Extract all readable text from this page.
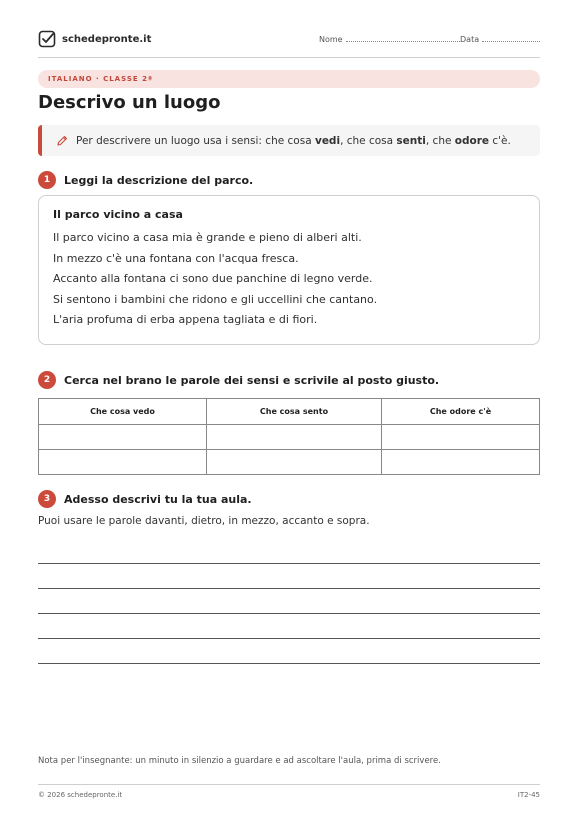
schedepronte.it	Nome	Data
ITALIANO · CLASSE 2ª
Descrivo un luogo
Per descrivere un luogo usa i sensi: che cosa vedi, che cosa senti, che odore c'è.
1	Leggi la descrizione del parco.
Il parco vicino a casa
Il parco vicino a casa mia è grande e pieno di alberi alti.
In mezzo c'è una fontana con l'acqua fresca.
Accanto alla fontana ci sono due panchine di legno verde.
Si sentono i bambini che ridono e gli uccellini che cantano.
L'aria profuma di erba appena tagliata e di fiori.
2	Cerca nel brano le parole dei sensi e scrivile al posto giusto.
Che cosa vedo	Che cosa sento	Che odore c'è

3	Adesso descrivi tu la tua aula.
Puoi usare le parole davanti, dietro, in mezzo, accanto e sopra.
Nota per l'insegnante: un minuto in silenzio a guardare e ad ascoltare l'aula, prima di scrivere.
© 2026 schedepronte.it	IT2-45
